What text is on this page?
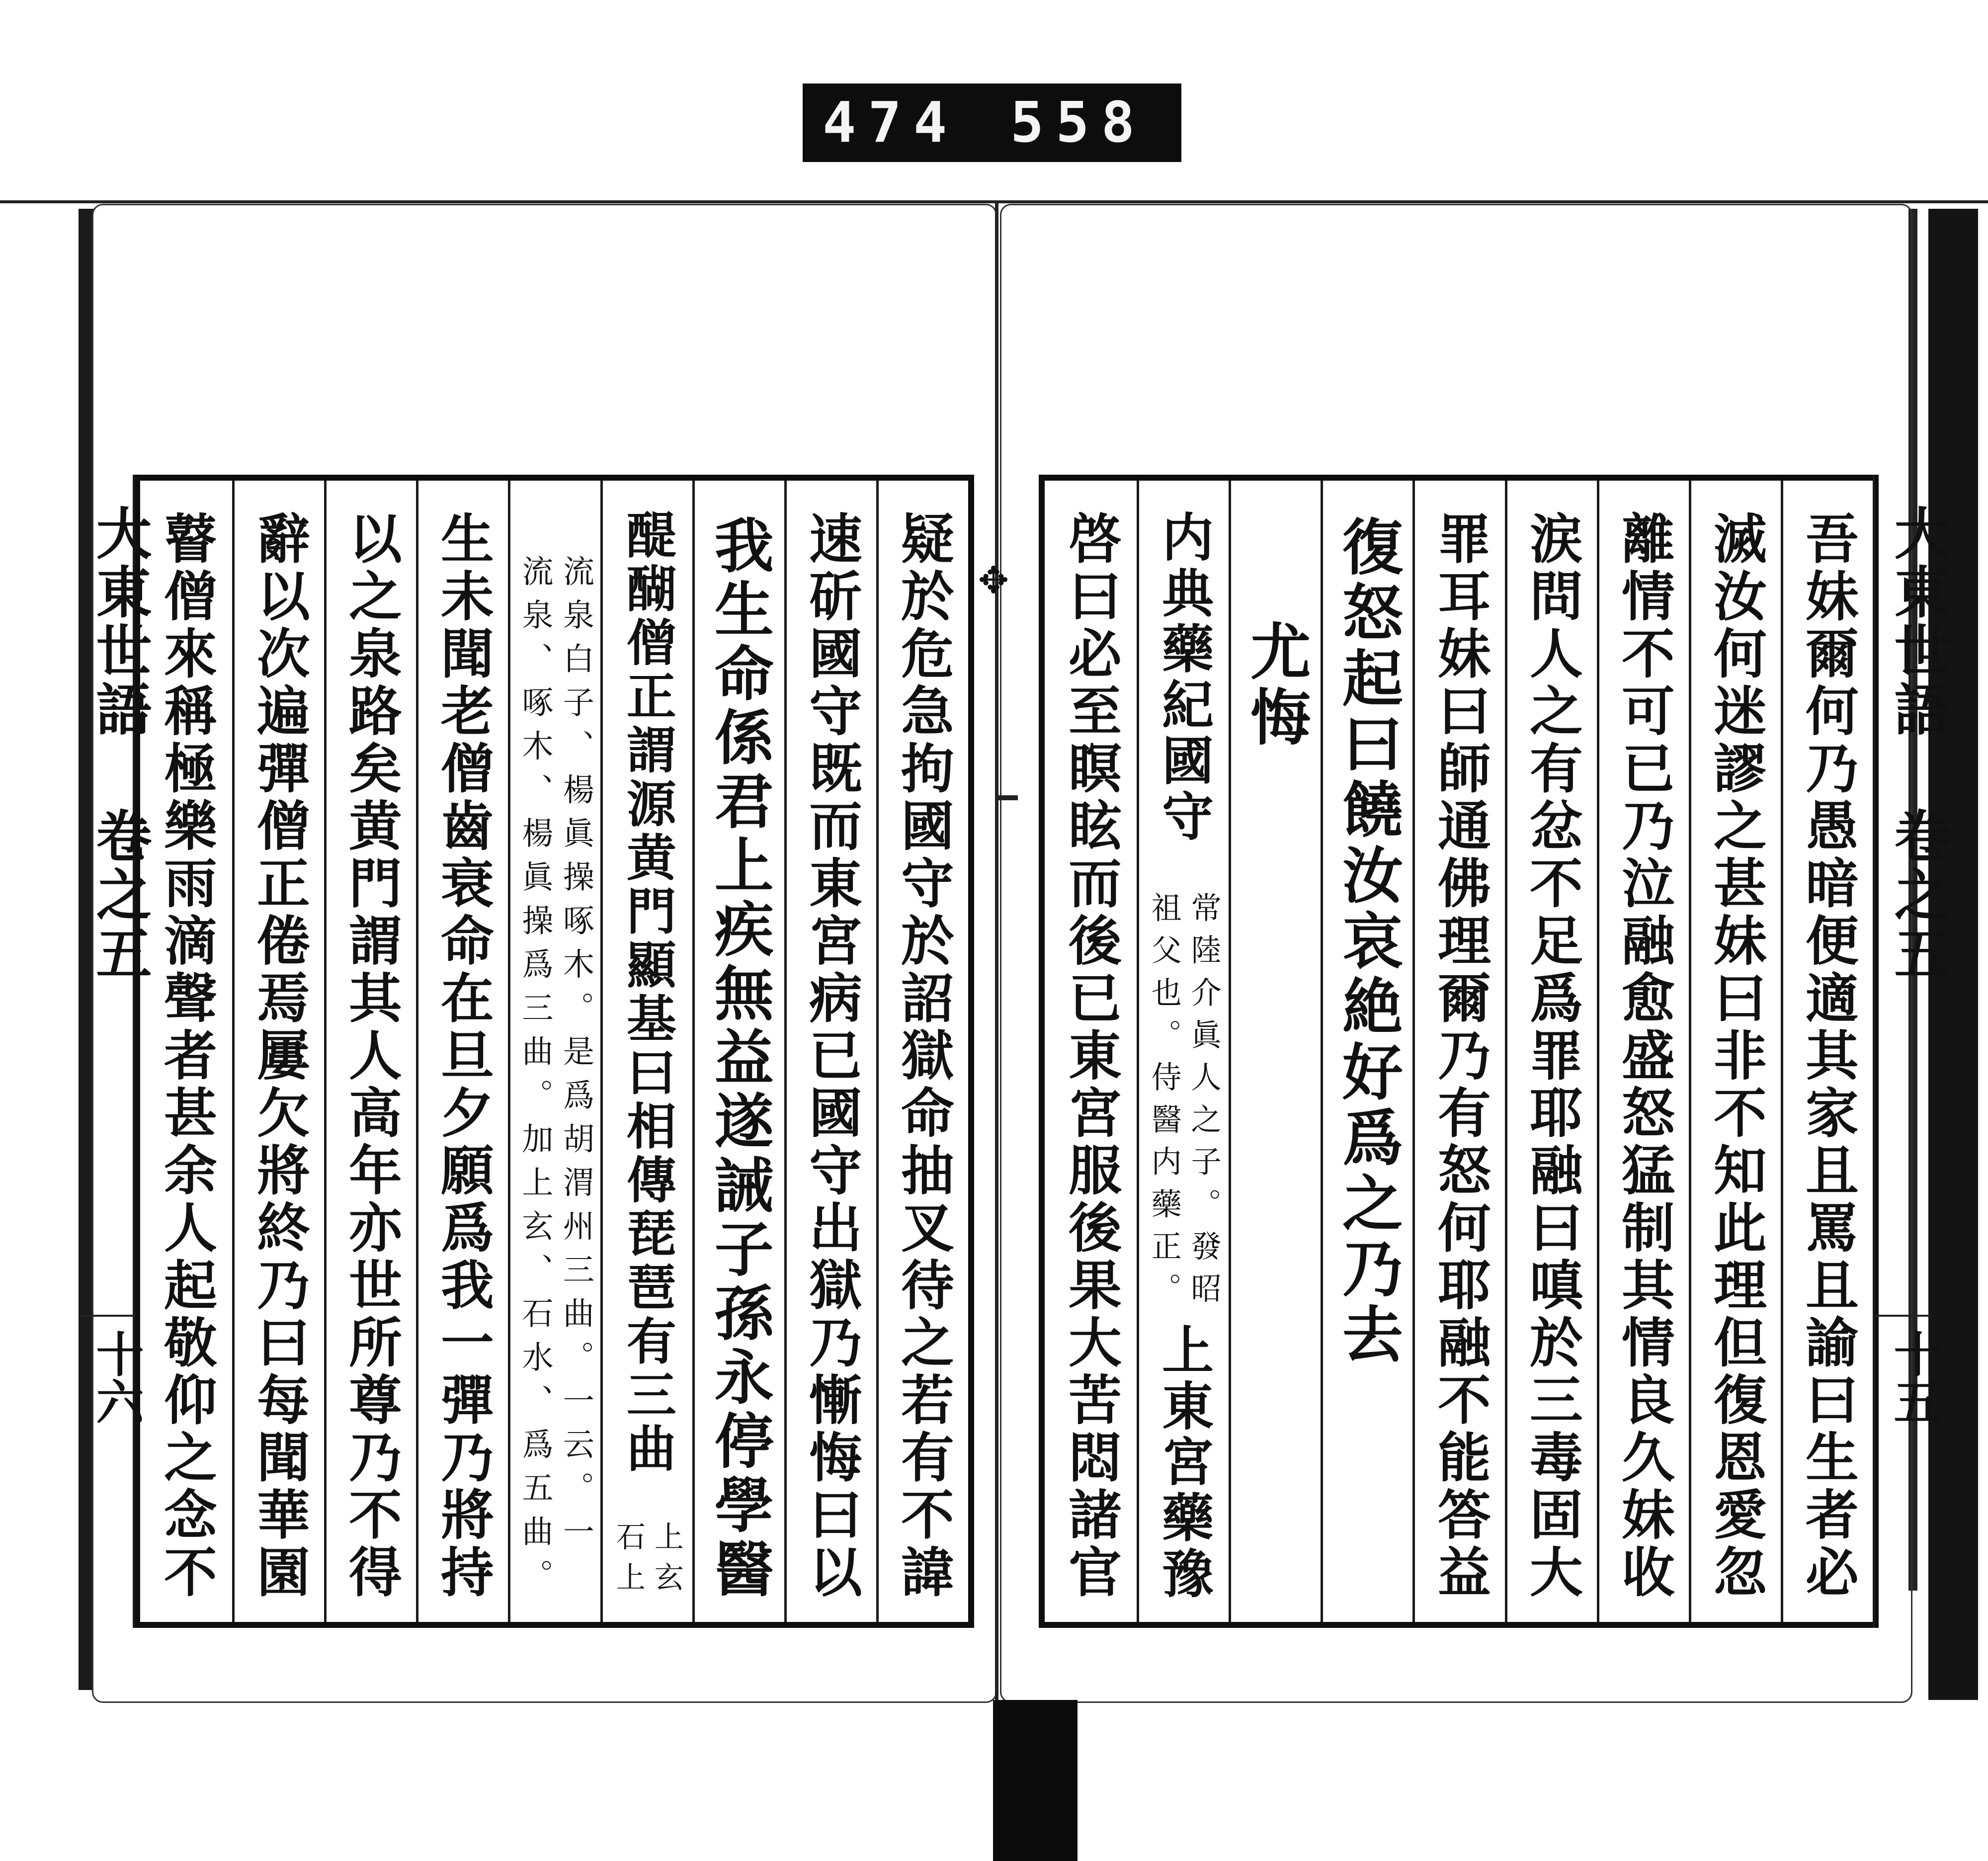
474 558
✥	吾妹爾何乃愚暗便適其家且罵且諭曰生者必
滅汝何迷謬之甚妹曰非不知此理但復恩愛忽
離情不可已乃泣融愈盛怒猛制其情良久妹收
涙問人之有忿不足爲罪耶融曰嗔於三毒固大
罪耳妹曰師通佛理爾乃有怒何耶融不能答益
復怒起曰饒汝哀絶好爲之乃去
尤悔
内典藥紀國守
常陸介眞人之子。發昭
祖父也。侍醫内藥正。
上東宮藥豫
啓曰必至瞑眩而後已東宮服後果大苦悶諸官	大東世語 卷之五
十五
疑於危急拘國守於詔獄命抽叉待之若有不諱
速斫國守既而東宮病已國守出獄乃慚悔曰以
我生命係君上疾無益遂誡子孫永停學醫
醍醐僧正謂源黄門顯基曰相傳琵琶有三曲
上玄
石上
流泉白子、楊眞操啄木。是爲胡渭州三曲。一云。一
流泉、啄木、楊眞操爲三曲。加上玄、石水、爲五曲。
生未聞老僧齒衰命在旦夕願爲我一彈乃將持
以之泉路矣黄門謂其人高年亦世所尊乃不得
辭以次遍彈僧正倦焉屢欠將終乃曰每聞華園
瞽僧來稱極樂雨滴聲者甚余人起敬仰之念不
大東世語 卷之五
十六
